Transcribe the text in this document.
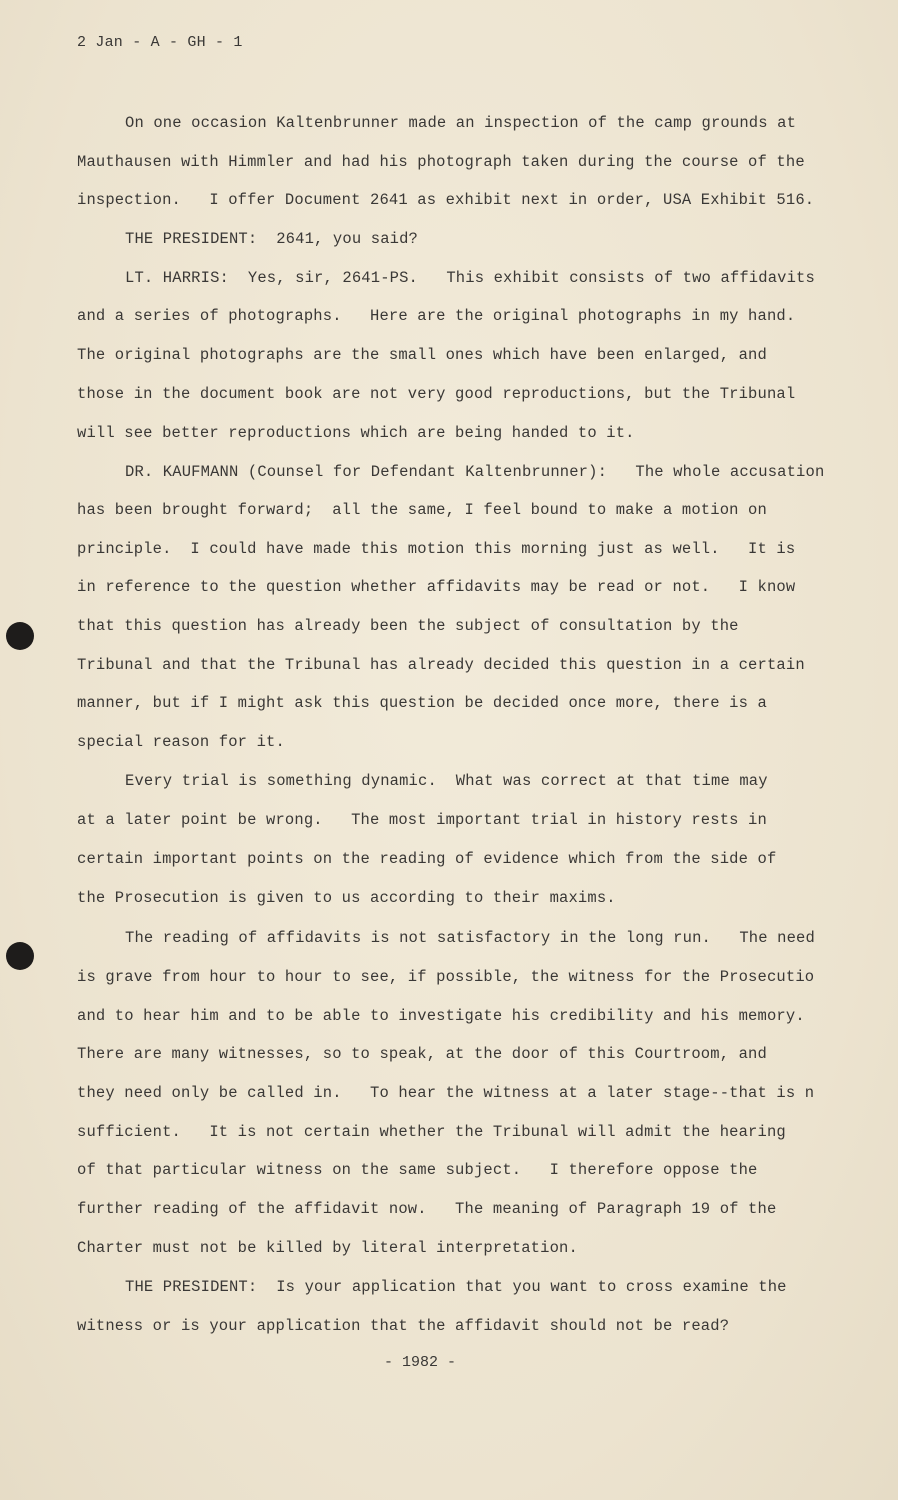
2 Jan - A - GH - 1
On one occasion Kaltenbrunner made an inspection of the camp grounds at
Mauthausen with Himmler and had his photograph taken during the course of the
inspection.   I offer Document 2641 as exhibit next in order, USA Exhibit 516.
THE PRESIDENT:  2641, you said?
LT. HARRIS:  Yes, sir, 2641-PS.   This exhibit consists of two affidavits
and a series of photographs.   Here are the original photographs in my hand.
The original photographs are the small ones which have been enlarged, and
those in the document book are not very good reproductions, but the Tribunal
will see better reproductions which are being handed to it.
DR. KAUFMANN (Counsel for Defendant Kaltenbrunner):   The whole accusation
has been brought forward;  all the same, I feel bound to make a motion on
principle.  I could have made this motion this morning just as well.   It is
in reference to the question whether affidavits may be read or not.   I know
that this question has already been the subject of consultation by the
Tribunal and that the Tribunal has already decided this question in a certain
manner, but if I might ask this question be decided once more, there is a
special reason for it.
Every trial is something dynamic.  What was correct at that time may
at a later point be wrong.   The most important trial in history rests in
certain important points on the reading of evidence which from the side of
the Prosecution is given to us according to their maxims.
The reading of affidavits is not satisfactory in the long run.   The need
is grave from hour to hour to see, if possible, the witness for the Prosecutio
and to hear him and to be able to investigate his credibility and his memory.
There are many witnesses, so to speak, at the door of this Courtroom, and
they need only be called in.   To hear the witness at a later stage--that is n
sufficient.   It is not certain whether the Tribunal will admit the hearing
of that particular witness on the same subject.   I therefore oppose the
further reading of the affidavit now.   The meaning of Paragraph 19 of the
Charter must not be killed by literal interpretation.
THE PRESIDENT:  Is your application that you want to cross examine the
witness or is your application that the affidavit should not be read?
- 1982 -
